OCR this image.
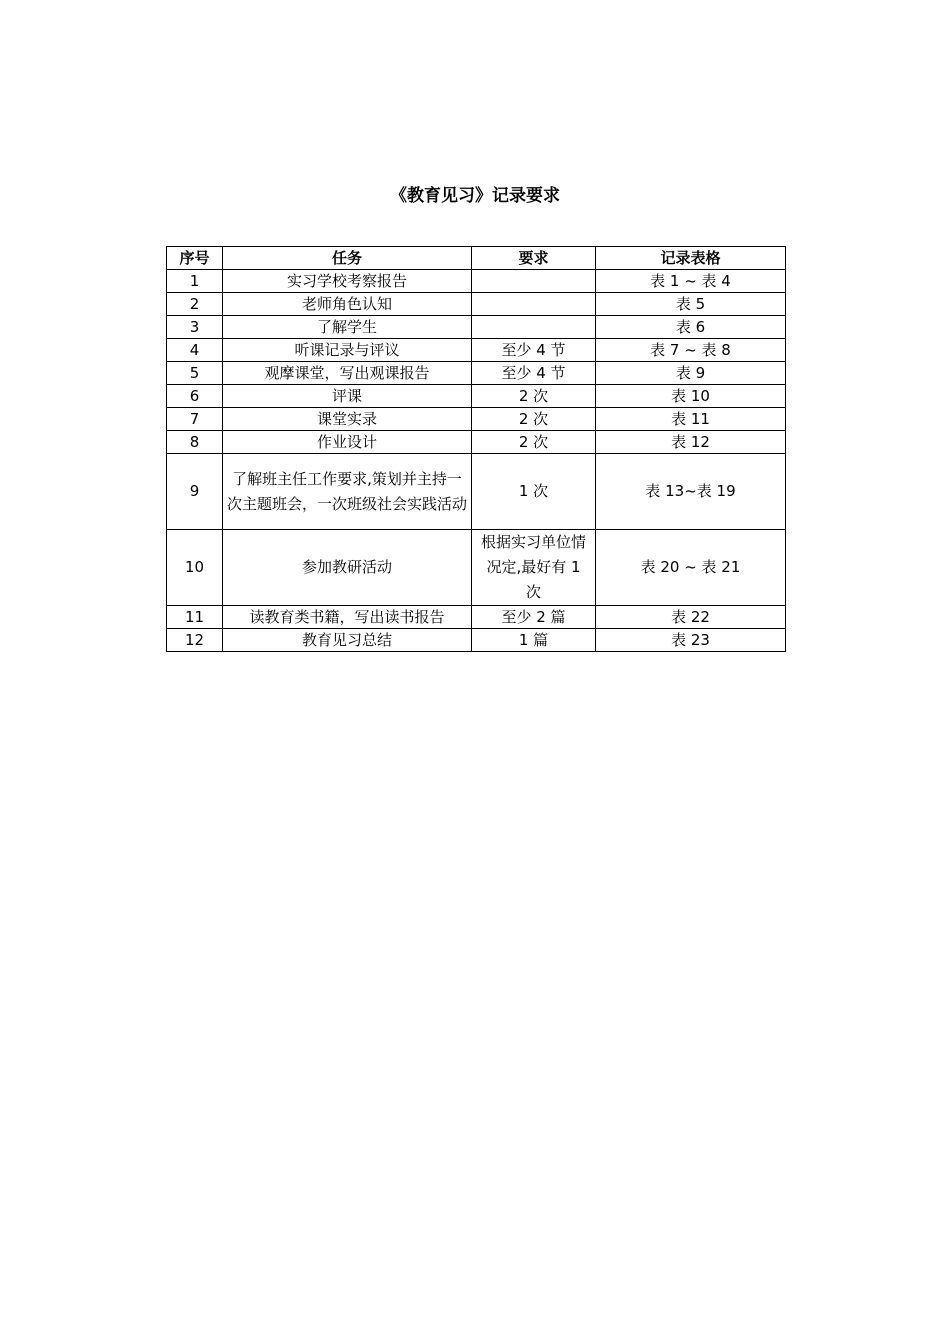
《教育见习》记录要求
序号	任务	要求	记录表格
1	实习学校考察报告		表 1 ~ 表 4
2	老师角色认知		表 5
3	了解学生		表 6
4	听课记录与评议	至少 4 节	表 7 ~ 表 8
5	观摩课堂，写出观课报告	至少 4 节	表 9
6	评课	2 次	表 10
7	课堂实录	2 次	表 11
8	作业设计	2 次	表 12
9	了解班主任工作要求,策划并主持一次主题班会，一次班级社会实践活动	1 次	表 13~表 19
10	参加教研活动	根据实习单位情况定,最好有 1 次	表 20 ~ 表 21
11	读教育类书籍，写出读书报告	至少 2 篇	表 22
12	教育见习总结	1 篇	表 23
